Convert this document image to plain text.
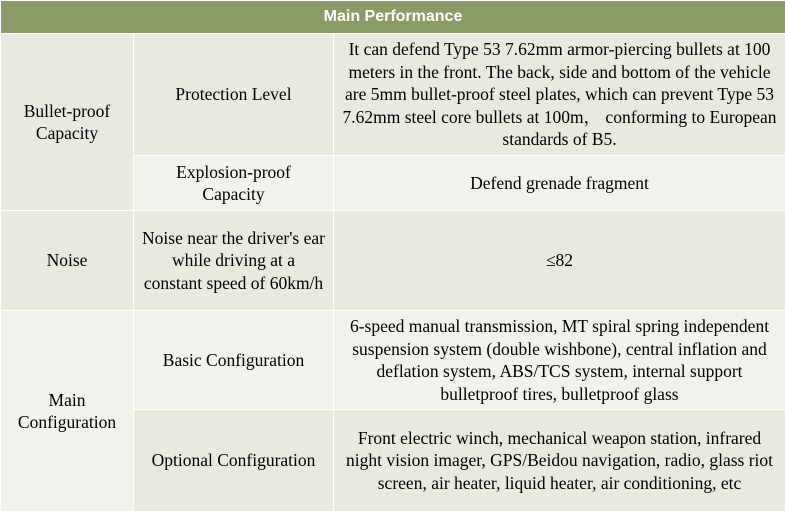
Main Performance		
Bullet-proof Capacity	Protection Level	It can defend Type 53 7.62mm armor-piercing bullets at 100 meters in the front. The back, side and bottom of the vehicle are 5mm bullet-proof steel plates, which can prevent Type 53 7.62mm steel core bullets at 100m， conforming to European standards of B5.
	Explosion-proof Capacity	Defend grenade fragment
Noise	Noise near the driver's ear while driving at a constant speed of 60km/h	≤82
Main Configuration	Basic Configuration	6-speed manual transmission, MT spiral spring independent suspension system (double wishbone), central inflation and deflation system, ABS/TCS system, internal support bulletproof tires, bulletproof glass
	Optional Configuration	Front electric winch, mechanical weapon station, infrared night vision imager, GPS/Beidou navigation, radio, glass riot screen, air heater, liquid heater, air conditioning, etc
